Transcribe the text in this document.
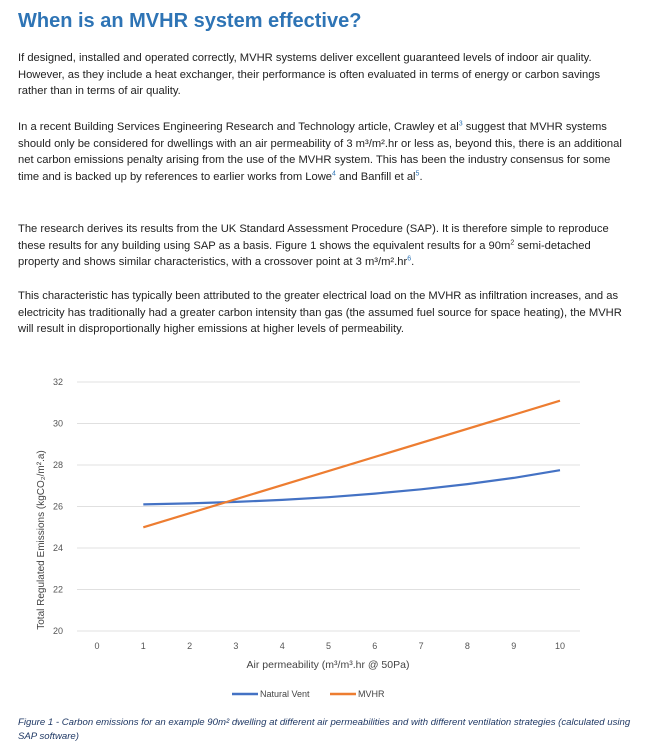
When is an MVHR system effective?

If designed, installed and operated correctly, MVHR systems deliver excellent guaranteed levels of indoor air quality. However, as they include a heat exchanger, their performance is often evaluated in terms of energy or carbon savings rather than in terms of air quality.

In a recent Building Services Engineering Research and Technology article, Crawley et $al^3$ suggest that MVHR systems should only be considered for dwellings with an air permeability of 3 m³/m².hr or less as, beyond this, there is an additional net carbon emissions penalty arising from the use of the MVHR system. This has been the industry consensus for some time and is backed up by references to earlier works from Lowe$^4$ and Banfill et $al^5$.

The research derives its results from the UK Standard Assessment Procedure (SAP). It is therefore simple to reproduce these results for any building using SAP as a basis. Figure 1 shows the equivalent results for a $90m^2$ semi-detached property and shows similar characteristics, with a crossover point at 3 $m^3/m^2.hr^6$.

This characteristic has typically been attributed to the greater electrical load on the MVHR as infiltration increases, and as electricity has traditionally had a greater carbon intensity than gas (the assumed fuel source for space heating), the MVHR will result in disproportionally higher emissions at higher levels of permeability.

20
22
24
26
28
30
32
0	1	2	3	4	5	6	7	8	9	10
Air permeability (m³/m³.hr @ 50Pa)
Total Regulated Emissions (kgCO₂/m².a)
Natural Vent	MVHR

Figure 1 - Carbon emissions for an example 90m² dwelling at different air permeabilities and with different ventilation strategies (calculated using SAP software)
